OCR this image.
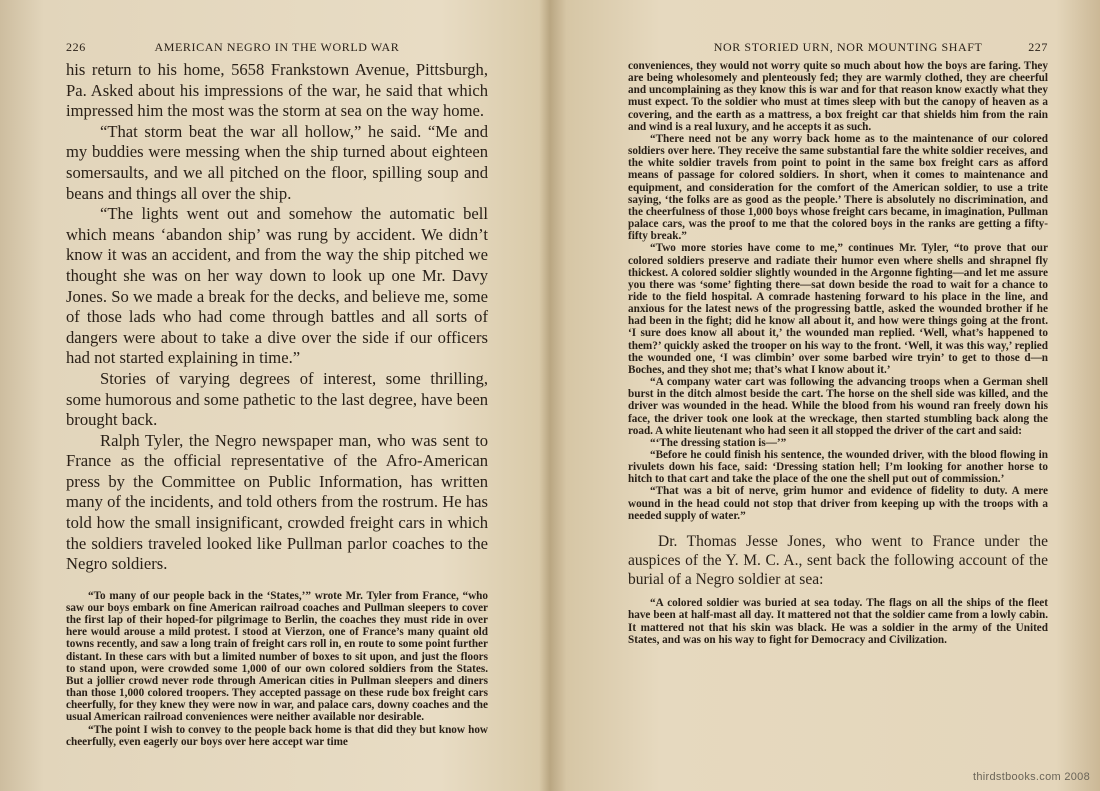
226	AMERICAN NEGRO IN THE WORLD WAR

his return to his home, 5658 Frankstown Avenue, Pittsburgh, Pa. Asked about his impressions of the war, he said that which impressed him the most was the storm at sea on the way home.

“That storm beat the war all hollow,” he said. “Me and my buddies were messing when the ship turned about eighteen somersaults, and we all pitched on the floor, spilling soup and beans and things all over the ship.

“The lights went out and somehow the automatic bell which means ‘abandon ship’ was rung by accident. We didn’t know it was an accident, and from the way the ship pitched we thought she was on her way down to look up one Mr. Davy Jones. So we made a break for the decks, and believe me, some of those lads who had come through battles and all sorts of dangers were about to take a dive over the side if our officers had not started explaining in time.”

Stories of varying degrees of interest, some thrilling, some humorous and some pathetic to the last degree, have been brought back.

Ralph Tyler, the Negro newspaper man, who was sent to France as the official representative of the Afro-American press by the Committee on Public Information, has written many of the incidents, and told others from the rostrum. He has told how the small insignificant, crowded freight cars in which the soldiers traveled looked like Pullman parlor coaches to the Negro soldiers.

“To many of our people back in the ‘States,’” wrote Mr. Tyler from France, “who saw our boys embark on fine American railroad coaches and Pullman sleepers to cover the first lap of their hoped-for pilgrimage to Berlin, the coaches they must ride in over here would arouse a mild protest. I stood at Vierzon, one of France’s many quaint old towns recently, and saw a long train of freight cars roll in, en route to some point further distant. In these cars with but a limited number of boxes to sit upon, and just the floors to stand upon, were crowded some 1,000 of our own colored soldiers from the States. But a jollier crowd never rode through American cities in Pullman sleepers and diners than those 1,000 colored troopers. They accepted passage on these rude box freight cars cheerfully, for they knew they were now in war, and palace cars, downy coaches and the usual American railroad conveniences were neither available nor desirable.

“The point I wish to convey to the people back home is that did they but know how cheerfully, even eagerly our boys over here accept war time

NOR STORIED URN, NOR MOUNTING SHAFT	227

conveniences, they would not worry quite so much about how the boys are faring. They are being wholesomely and plenteously fed; they are warmly clothed, they are cheerful and uncomplaining as they know this is war and for that reason know exactly what they must expect. To the soldier who must at times sleep with but the canopy of heaven as a covering, and the earth as a mattress, a box freight car that shields him from the rain and wind is a real luxury, and he accepts it as such.

“There need not be any worry back home as to the maintenance of our colored soldiers over here. They receive the same substantial fare the white soldier receives, and the white soldier travels from point to point in the same box freight cars as afford means of passage for colored soldiers. In short, when it comes to maintenance and equipment, and consideration for the comfort of the American soldier, to use a trite saying, ‘the folks are as good as the people.’ There is absolutely no discrimination, and the cheerfulness of those 1,000 boys whose freight cars became, in imagination, Pullman palace cars, was the proof to me that the colored boys in the ranks are getting a fifty-fifty break.”

“Two more stories have come to me,” continues Mr. Tyler, “to prove that our colored soldiers preserve and radiate their humor even where shells and shrapnel fly thickest. A colored soldier slightly wounded in the Argonne fighting—and let me assure you there was ‘some’ fighting there—sat down beside the road to wait for a chance to ride to the field hospital. A comrade hastening forward to his place in the line, and anxious for the latest news of the progressing battle, asked the wounded brother if he had been in the fight; did he know all about it, and how were things going at the front. ‘I sure does know all about it,’ the wounded man replied. ‘Well, what’s happened to them?’ quickly asked the trooper on his way to the front. ‘Well, it was this way,’ replied the wounded one, ‘I was climbin’ over some barbed wire tryin’ to get to those d—n Boches, and they shot me; that’s what I know about it.’

“A company water cart was following the advancing troops when a German shell burst in the ditch almost beside the cart. The horse on the shell side was killed, and the driver was wounded in the head. While the blood from his wound ran freely down his face, the driver took one look at the wreckage, then started stumbling back along the road. A white lieutenant who had seen it all stopped the driver of the cart and said:

“‘The dressing station is—’”

“Before he could finish his sentence, the wounded driver, with the blood flowing in rivulets down his face, said: ‘Dressing station hell; I’m looking for another horse to hitch to that cart and take the place of the one the shell put out of commission.’

“That was a bit of nerve, grim humor and evidence of fidelity to duty. A mere wound in the head could not stop that driver from keeping up with the troops with a needed supply of water.”

Dr. Thomas Jesse Jones, who went to France under the auspices of the Y. M. C. A., sent back the following account of the burial of a Negro soldier at sea:

“A colored soldier was buried at sea today. The flags on all the ships of the fleet have been at half-mast all day. It mattered not that the soldier came from a lowly cabin. It mattered not that his skin was black. He was a soldier in the army of the United States, and was on his way to fight for Democracy and Civilization.

thirdstbooks.com 2008
